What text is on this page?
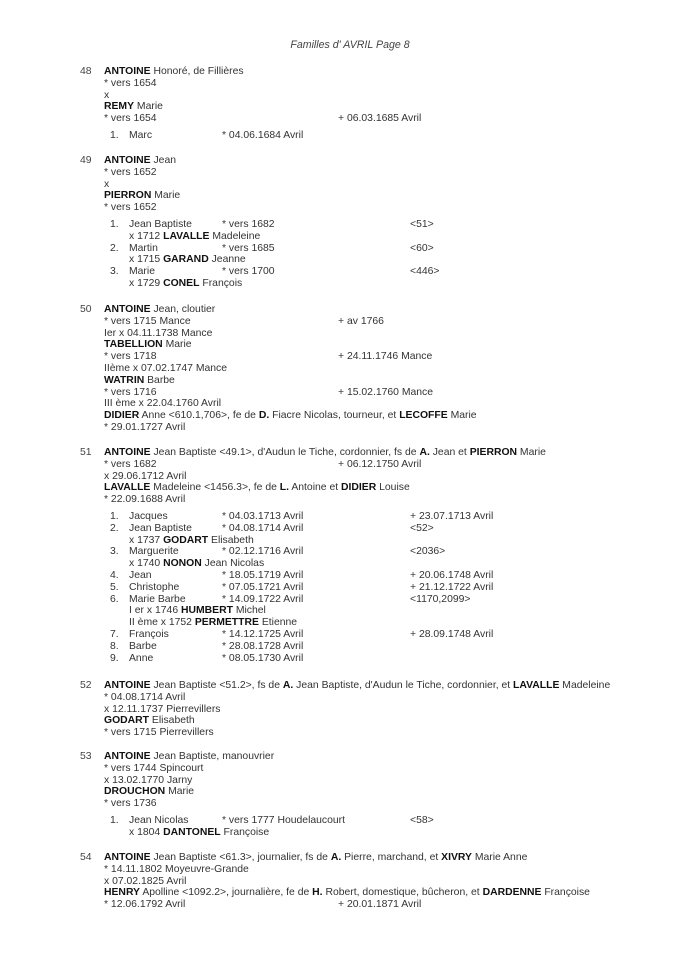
Familles d' AVRIL Page 8
48 ANTOINE Honoré, de Fillières
* vers 1654
x
REMY Marie
* vers 1654	+ 06.03.1685 Avril
1. Marc	* 04.06.1684 Avril
49 ANTOINE Jean
* vers 1652
x
PIERRON Marie
* vers 1652
1. Jean Baptiste	* vers 1682	<51>
x 1712 LAVALLE Madeleine
2. Martin	* vers 1685	<60>
x 1715 GARAND Jeanne
3. Marie	* vers 1700	<446>
x 1729 CONEL François
50 ANTOINE Jean, cloutier
* vers 1715 Mance	+ av 1766
Ier x 04.11.1738 Mance
TABELLION Marie
* vers 1718	+ 24.11.1746 Mance
IIème x 07.02.1747 Mance
WATRIN Barbe
* vers 1716	+ 15.02.1760 Mance
III ème x 22.04.1760 Avril
DIDIER Anne <610.1,706>, fe de D. Fiacre Nicolas, tourneur, et LECOFFE Marie
* 29.01.1727 Avril
51 ANTOINE Jean Baptiste <49.1>, d'Audun le Tiche, cordonnier, fs de A. Jean et PIERRON Marie
* vers 1682	+ 06.12.1750 Avril
x 29.06.1712 Avril
LAVALLE Madeleine <1456.3>, fe de L. Antoine et DIDIER Louise
* 22.09.1688 Avril
1. Jacques	* 04.03.1713 Avril	+ 23.07.1713 Avril
2. Jean Baptiste	* 04.08.1714 Avril	<52>
x 1737 GODART Elisabeth
3. Marguerite	* 02.12.1716 Avril	<2036>
x 1740 NONON Jean Nicolas
4. Jean	* 18.05.1719 Avril	+ 20.06.1748 Avril
5. Christophe	* 07.05.1721 Avril	+ 21.12.1722 Avril
6. Marie Barbe	* 14.09.1722 Avril	<1170,2099>
I er x 1746 HUMBERT Michel
II ème x 1752 PERMETTRE Etienne
7. François	* 14.12.1725 Avril	+ 28.09.1748 Avril
8. Barbe	* 28.08.1728 Avril
9. Anne	* 08.05.1730 Avril
52 ANTOINE Jean Baptiste <51.2>, fs de A. Jean Baptiste, d'Audun le Tiche, cordonnier, et LAVALLE Madeleine
* 04.08.1714 Avril
x 12.11.1737 Pierrevillers
GODART Elisabeth
* vers 1715 Pierrevillers
53 ANTOINE Jean Baptiste, manouvrier
* vers 1744 Spincourt
x 13.02.1770 Jarny
DROUCHON Marie
* vers 1736
1. Jean Nicolas	* vers 1777 Houdelaucourt	<58>
x 1804 DANTONEL Françoise
54 ANTOINE Jean Baptiste <61.3>, journalier, fs de A. Pierre, marchand, et XIVRY Marie Anne
* 14.11.1802 Moyeuvre-Grande
x 07.02.1825 Avril
HENRY Apolline <1092.2>, journalière, fe de H. Robert, domestique, bûcheron, et DARDENNE Françoise
* 12.06.1792 Avril	+ 20.01.1871 Avril
